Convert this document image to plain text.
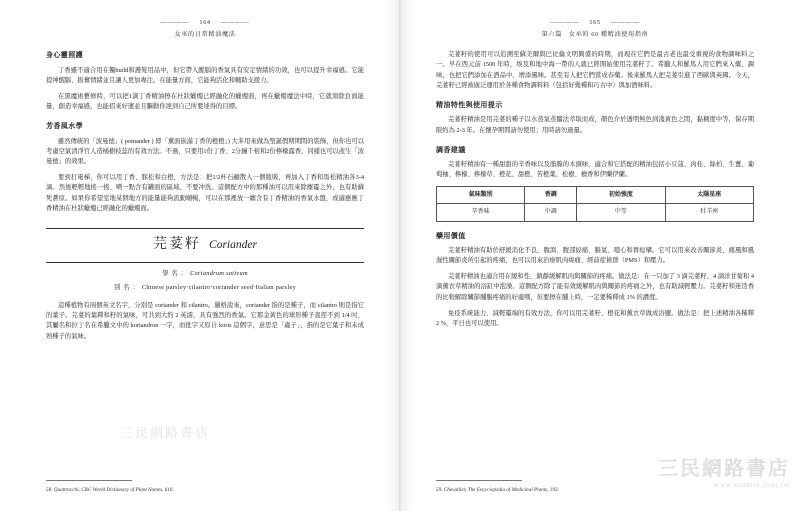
———— 164 ————
女巫的日常精油魔法
身心靈照護

丁香雖不適合用在獨build和護髮用品中，但它帶入醒腦的香氣具有安定情緒的功效，也可以提升幸福感。它能提神醒腦、振奮情緒並且讓人更加專注。在能量方面，它能夠活化和輔助支援力。

在黑魔術藝修時，可以把1滴丁香精油擦在杜狀蠟燭已經融化的蠟燭面，再在蠟燭魔法中時，它就須除負面能量，創造幸福感，也能招來好運並且驅動你達到自己所要達得的目標。

芳香風水學

雖然傳統的「波曼德」( pomander ) 即「薰面嵌滿丁香的橙橙」) 大多用來做為聖誕假期期間的裝飾，但你也可以考慮空氣清淨官人造橘樹枝蕊的有效方法。不過，只要用1份丁香、2分鐘千柑和2份檸檬露香，同樣也可以產生「波曼德」的效果。

要到打電梯，你可以用丁香、豚松和白橙，方法是：把1/2杯石鹼散入一個瓶販，再加入丁香和馬松精油各3-4滴。然後輕輕地搖一搖、噴一點含有罐面的區域、不要冲洗。這個配方中的那種油可以用來除塵霉之外，也有助蘇死蒼原。如果你希望室地某個地方的能量能夠流動順暢，可以在那裡放一纏含有丁香精油的香氣水盤，或適應應丁香精油在杜狀蠟燭已經融化的蠟燭面。

芫荽籽 Coriander
學名：Coriandrum sativum
別名：Chinese parsley‧cilantro‧coriander seed‧Italian parsley

這種植物有兩個英文名字，分別是 coriander 和 cilantro。嚴格說來，coriander 指的是種子，而 cilantro 則是指它的葉子。芫荽的葉釋和籽的氣味，可共到大約 2 英濡，具有強烈的香氣。它那金黃色的球形種子直徑不到 1/4 吋，其屬名和拉丁名在希臘文中的 koriandron 一字，而批字又原自 koris 這個字，意思是「蟲子」，指的是它葉子和未成熟種子的氣味。

三民網路書店
58. Quattrocchi, CRC World Dictionary of Plant Names, 616.
———— 165 ————
第六篇　女巫的 60 種精油使用指南

芫荽籽的使用可以追溯至蘇美爾與巴比倫文明興盛的時期，而現在它們是最古老也最受重視的食物調味料之一。早在西元前 1500 年時，埃及和地中海一帶的人就已經開始使用芫荽籽了。希臘人和羅馬人用它們來入藥、調味，也把它們添加在酒品中，增添風味。甚至有人把它們當成春藥。後來羅馬人把芫荽引進了西歐與英國。今天，芫荽籽已經被廣泛運用於各種食物調料料（包括好幾種和巧古中）與加酒味料。

精油特性與使用提示

芫荽籽精油是用芫荽的種子以水蒸氣蒸餾法萃取而成，顏色介於透明無色到淺黃色之間，黏稠度中等，保存期限約為 2-3 年。在懷孕期間請勿使用；用時請勿過量。

調香建議

芫荽籽精油有一種甜甜的辛香味以及脂腺的木頭味，適合和它搭配的精油包括小豆蔻、肉桂、絲柏、生薑、葡萄柚、檸檬、檸檬草、橙花、甜橙、苦橙葉、松樹、檀香和伊蘭伊蘭。

氣味類別	香調	初始強度	太陽星座
辛香味	中調	中等	牡羊座
藥用價值

芫荽籽精油有助於舒緩消化不良、腹瀉、腹部絞痛、脹氣、噁心和胃痙攣。它可以用來改善關節炎、痛風和風濕性關節炎所引起的疼痛，也可以用來治療肌肉痠痛、經前症候群（PMS）和壓力。

芫荽籽精油也適合用在緩和性、鎮靜緩解肌肉與關節的疼痛。做法是：在一只加了 3 滴芫荽籽、4 滴洋甘菊和 4 滴薰衣草精油的浴缸中泡澡。這個配方除了能有效緩解肌肉與關節的疼痛之外，也有助減輕壓力。芫荽籽和迷迭香的比較解除關節腫脹疼痛的好處嗎，但要擦在腫上時，一定要稀釋成 1% 的濃度。

免疫系統能力、減輕霉端的有效方法，你可以用芫荽籽、橙花和薰衣草做成浴鹽。做法是：把上述精油各稀釋 2 %，平日也可以使用。

59. Chevallier, The Encyclopedia of Medicinal Plants, 193.
三民網路書店
www.sanmin.com.tw
